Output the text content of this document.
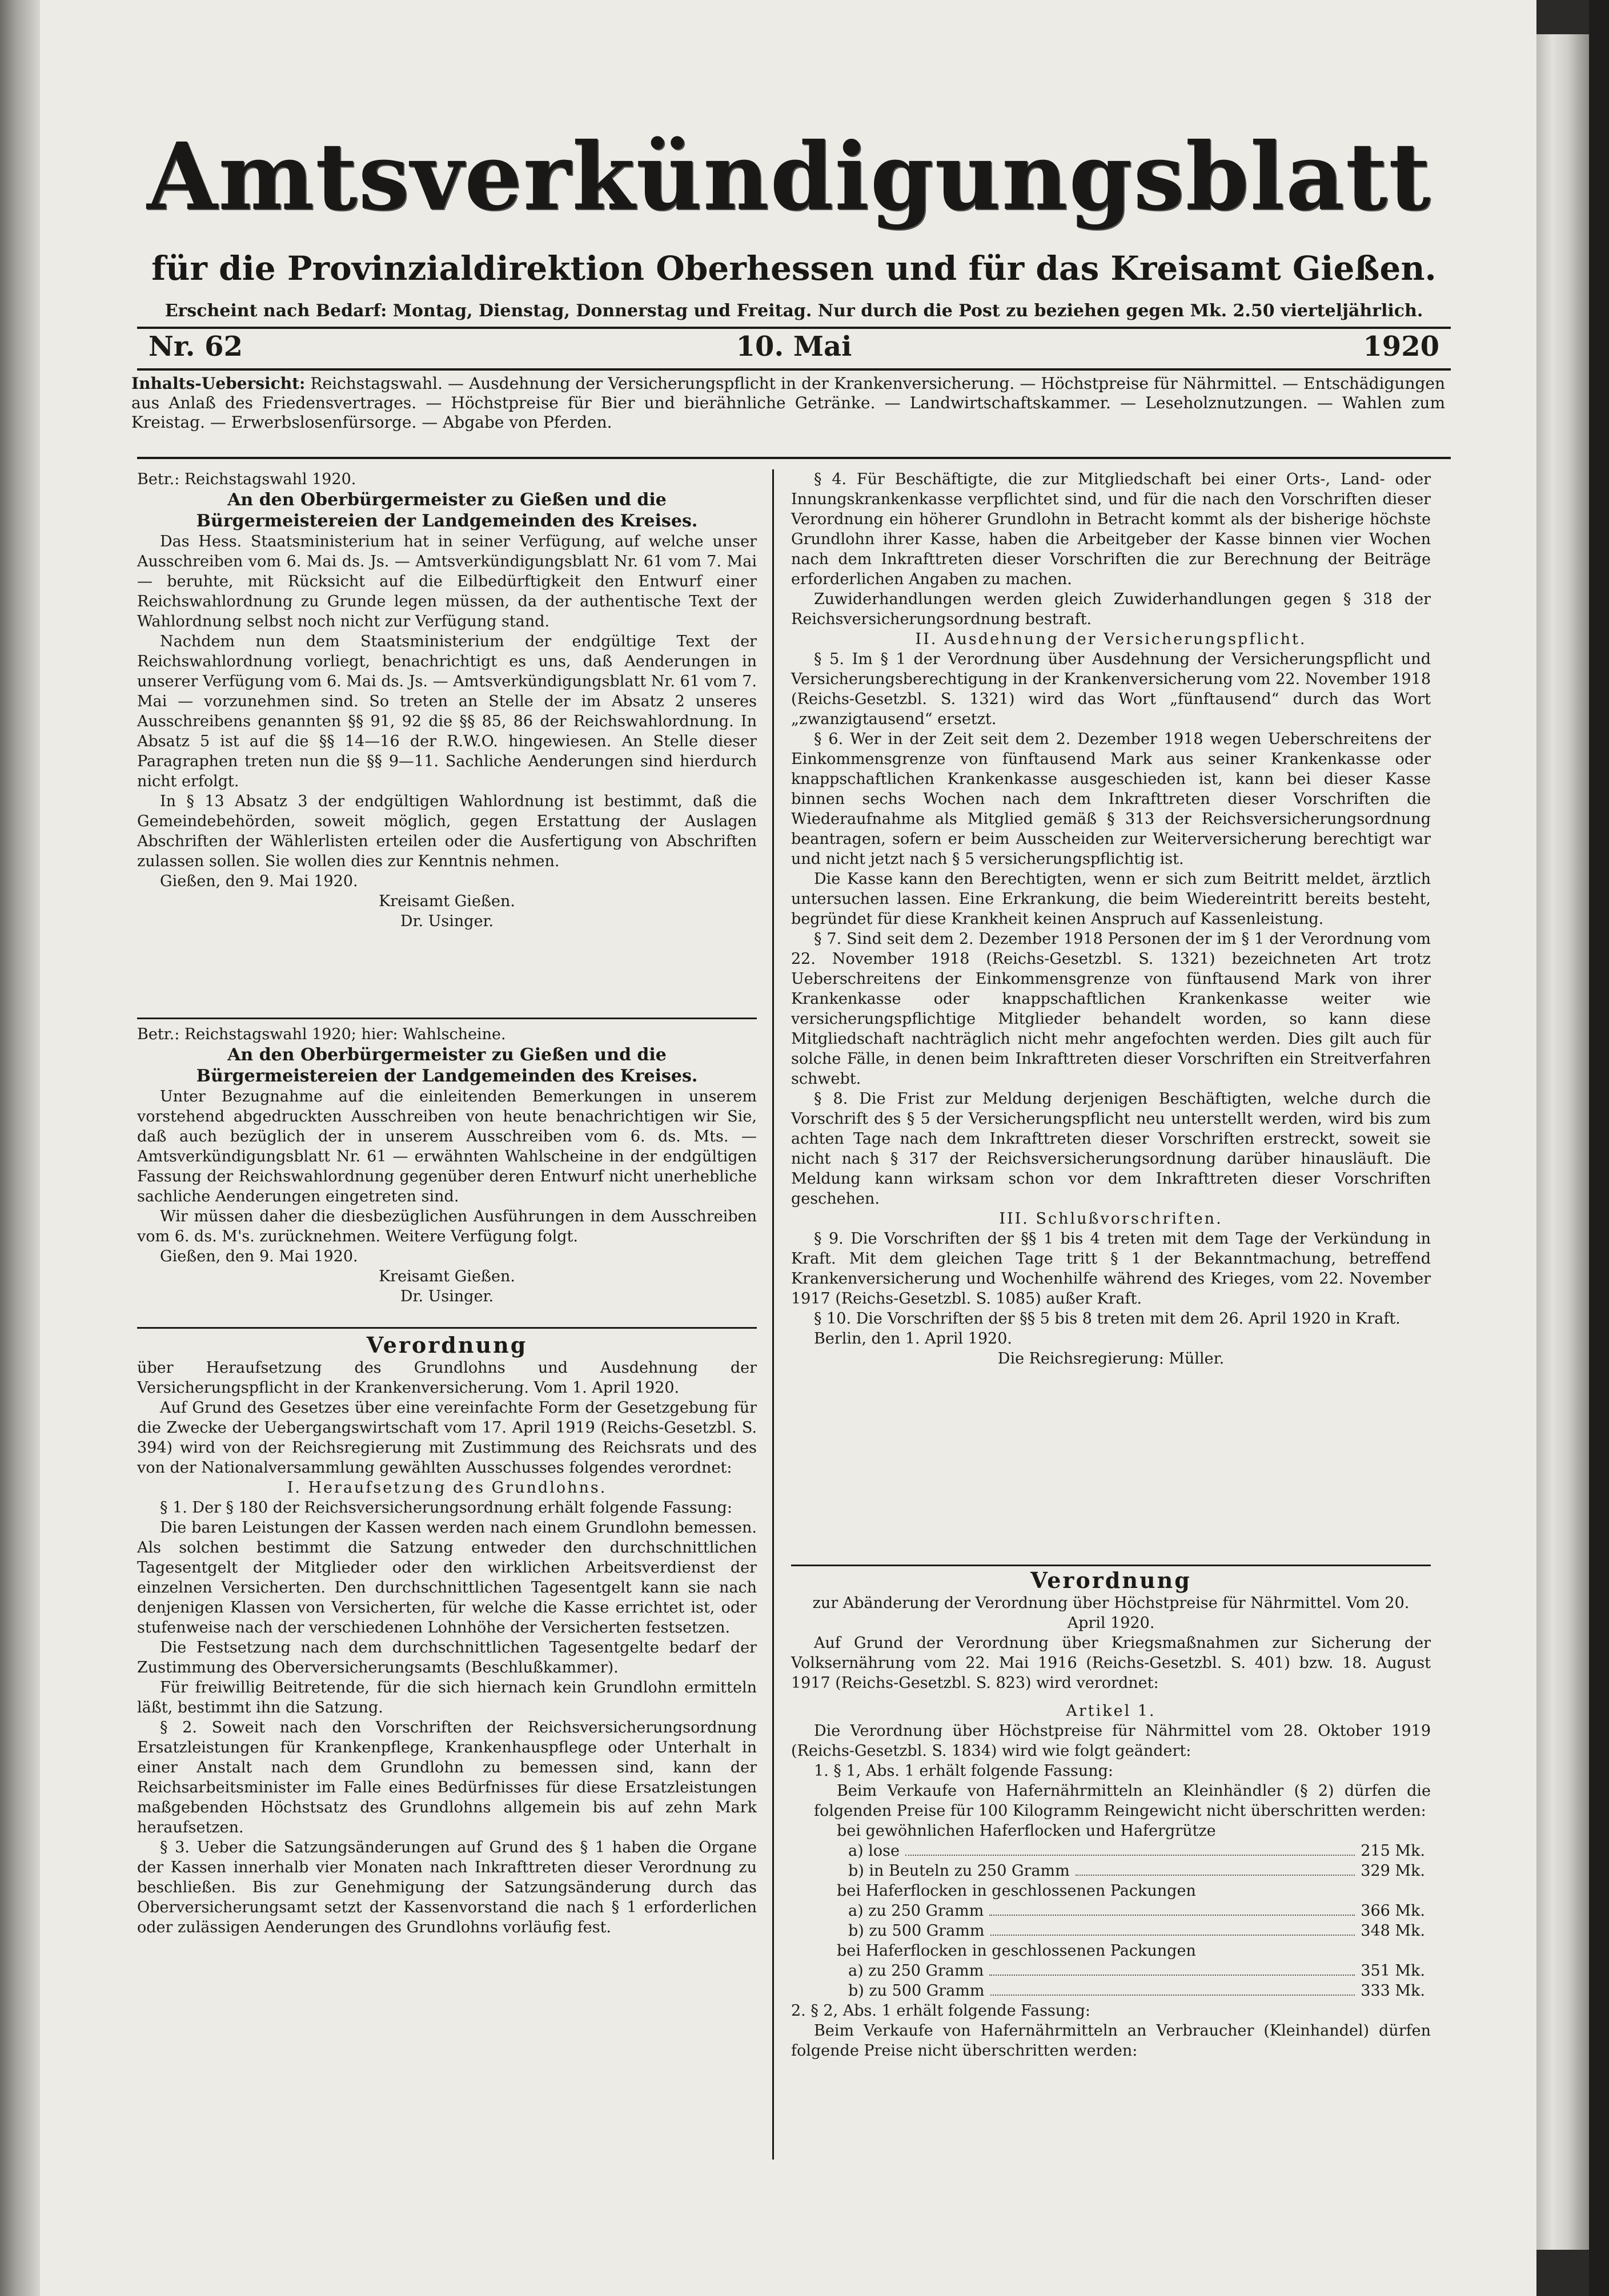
Amtsverkündigungsblatt
für die Provinzialdirektion Oberhessen und für das Kreisamt Gießen.
Erscheint nach Bedarf: Montag, Dienstag, Donnerstag und Freitag. Nur durch die Post zu beziehen gegen Mk. 2.50 vierteljährlich.
Nr. 62	10. Mai	1920
Inhalts-Uebersicht: Reichstagswahl. — Ausdehnung der Versicherungspflicht in der Krankenversicherung. — Höchstpreise für Nährmittel. — Entschädigungen aus Anlaß des Friedensvertrages. — Höchstpreise für Bier und bierähnliche Getränke. — Landwirtschaftskammer. — Leseholznutzungen. — Wahlen zum Kreistag. — Erwerbslosenfürsorge. — Abgabe von Pferden.

Betr.: Reichstagswahl 1920.

An den Oberbürgermeister zu Gießen und die Bürgermeistereien der Landgemeinden des Kreises.

Das Hess. Staatsministerium hat in seiner Verfügung, auf welche unser Ausschreiben vom 6. Mai ds. Js. — Amtsverkündigungsblatt Nr. 61 vom 7. Mai — beruhte, mit Rücksicht auf die Eilbedürftigkeit den Entwurf einer Reichswahlordnung zu Grunde legen müssen, da der authentische Text der Wahlordnung selbst noch nicht zur Verfügung stand.

Nachdem nun dem Staatsministerium der endgültige Text der Reichswahlordnung vorliegt, benachrichtigt es uns, daß Aenderungen in unserer Verfügung vom 6. Mai ds. Js. — Amtsverkündigungsblatt Nr. 61 vom 7. Mai — vorzunehmen sind. So treten an Stelle der im Absatz 2 unseres Ausschreibens genannten §§ 91, 92 die §§ 85, 86 der Reichswahlordnung. In Absatz 5 ist auf die §§ 14—16 der R.W.O. hingewiesen. An Stelle dieser Paragraphen treten nun die §§ 9—11. Sachliche Aenderungen sind hierdurch nicht erfolgt.

In § 13 Absatz 3 der endgültigen Wahlordnung ist bestimmt, daß die Gemeindebehörden, soweit möglich, gegen Erstattung der Auslagen Abschriften der Wählerlisten erteilen oder die Ausfertigung von Abschriften zulassen sollen. Sie wollen dies zur Kenntnis nehmen.

Gießen, den 9. Mai 1920.

Kreisamt Gießen.

Dr. Usinger.

Betr.: Reichstagswahl 1920; hier: Wahlscheine.

An den Oberbürgermeister zu Gießen und die Bürgermeistereien der Landgemeinden des Kreises.

Unter Bezugnahme auf die einleitenden Bemerkungen in unserem vorstehend abgedruckten Ausschreiben von heute benachrichtigen wir Sie, daß auch bezüglich der in unserem Ausschreiben vom 6. ds. Mts. — Amtsverkündigungsblatt Nr. 61 — erwähnten Wahlscheine in der endgültigen Fassung der Reichswahlordnung gegenüber deren Entwurf nicht unerhebliche sachliche Aenderungen eingetreten sind.

Wir müssen daher die diesbezüglichen Ausführungen in dem Ausschreiben vom 6. ds. M's. zurücknehmen. Weitere Verfügung folgt.

Gießen, den 9. Mai 1920.

Kreisamt Gießen.

Dr. Usinger.

Verordnung

über Heraufsetzung des Grundlohns und Ausdehnung der Versicherungspflicht in der Krankenversicherung. Vom 1. April 1920.

Auf Grund des Gesetzes über eine vereinfachte Form der Gesetzgebung für die Zwecke der Uebergangswirtschaft vom 17. April 1919 (Reichs-Gesetzbl. S. 394) wird von der Reichsregierung mit Zustimmung des Reichsrats und des von der Nationalversammlung gewählten Ausschusses folgendes verordnet:

I. Heraufsetzung des Grundlohns.

§ 1. Der § 180 der Reichsversicherungsordnung erhält folgende Fassung:

Die baren Leistungen der Kassen werden nach einem Grundlohn bemessen. Als solchen bestimmt die Satzung entweder den durchschnittlichen Tagesentgelt der Mitglieder oder den wirklichen Arbeitsverdienst der einzelnen Versicherten. Den durchschnittlichen Tagesentgelt kann sie nach denjenigen Klassen von Versicherten, für welche die Kasse errichtet ist, oder stufenweise nach der verschiedenen Lohnhöhe der Versicherten festsetzen.

Die Festsetzung nach dem durchschnittlichen Tagesentgelte bedarf der Zustimmung des Oberversicherungsamts (Beschlußkammer).

Für freiwillig Beitretende, für die sich hiernach kein Grundlohn ermitteln läßt, bestimmt ihn die Satzung.

§ 2. Soweit nach den Vorschriften der Reichsversicherungsordnung Ersatzleistungen für Krankenpflege, Krankenhauspflege oder Unterhalt in einer Anstalt nach dem Grundlohn zu bemessen sind, kann der Reichsarbeitsminister im Falle eines Bedürfnisses für diese Ersatzleistungen maßgebenden Höchstsatz des Grundlohns allgemein bis auf zehn Mark heraufsetzen.

§ 3. Ueber die Satzungsänderungen auf Grund des § 1 haben die Organe der Kassen innerhalb vier Monaten nach Inkrafttreten dieser Verordnung zu beschließen. Bis zur Genehmigung der Satzungsänderung durch das Oberversicherungsamt setzt der Kassenvorstand die nach § 1 erforderlichen oder zulässigen Aenderungen des Grundlohns vorläufig fest.

§ 4. Für Beschäftigte, die zur Mitgliedschaft bei einer Orts-, Land- oder Innungskrankenkasse verpflichtet sind, und für die nach den Vorschriften dieser Verordnung ein höherer Grundlohn in Betracht kommt als der bisherige höchste Grundlohn ihrer Kasse, haben die Arbeitgeber der Kasse binnen vier Wochen nach dem Inkrafttreten dieser Vorschriften die zur Berechnung der Beiträge erforderlichen Angaben zu machen.

Zuwiderhandlungen werden gleich Zuwiderhandlungen gegen § 318 der Reichsversicherungsordnung bestraft.

II. Ausdehnung der Versicherungspflicht.

§ 5. Im § 1 der Verordnung über Ausdehnung der Versicherungspflicht und Versicherungsberechtigung in der Krankenversicherung vom 22. November 1918 (Reichs-Gesetzbl. S. 1321) wird das Wort „fünftausend“ durch das Wort „zwanzigtausend“ ersetzt.

§ 6. Wer in der Zeit seit dem 2. Dezember 1918 wegen Ueberschreitens der Einkommensgrenze von fünftausend Mark aus seiner Krankenkasse oder knappschaftlichen Krankenkasse ausgeschieden ist, kann bei dieser Kasse binnen sechs Wochen nach dem Inkrafttreten dieser Vorschriften die Wiederaufnahme als Mitglied gemäß § 313 der Reichsversicherungsordnung beantragen, sofern er beim Ausscheiden zur Weiterversicherung berechtigt war und nicht jetzt nach § 5 versicherungspflichtig ist.

Die Kasse kann den Berechtigten, wenn er sich zum Beitritt meldet, ärztlich untersuchen lassen. Eine Erkrankung, die beim Wiedereintritt bereits besteht, begründet für diese Krankheit keinen Anspruch auf Kassenleistung.

§ 7. Sind seit dem 2. Dezember 1918 Personen der im § 1 der Verordnung vom 22. November 1918 (Reichs-Gesetzbl. S. 1321) bezeichneten Art trotz Ueberschreitens der Einkommensgrenze von fünftausend Mark von ihrer Krankenkasse oder knappschaftlichen Krankenkasse weiter wie versicherungspflichtige Mitglieder behandelt worden, so kann diese Mitgliedschaft nachträglich nicht mehr angefochten werden. Dies gilt auch für solche Fälle, in denen beim Inkrafttreten dieser Vorschriften ein Streitverfahren schwebt.

§ 8. Die Frist zur Meldung derjenigen Beschäftigten, welche durch die Vorschrift des § 5 der Versicherungspflicht neu unterstellt werden, wird bis zum achten Tage nach dem Inkrafttreten dieser Vorschriften erstreckt, soweit sie nicht nach § 317 der Reichsversicherungsordnung darüber hinausläuft. Die Meldung kann wirksam schon vor dem Inkrafttreten dieser Vorschriften geschehen.

III. Schlußvorschriften.

§ 9. Die Vorschriften der §§ 1 bis 4 treten mit dem Tage der Verkündung in Kraft. Mit dem gleichen Tage tritt § 1 der Bekanntmachung, betreffend Krankenversicherung und Wochenhilfe während des Krieges, vom 22. November 1917 (Reichs-Gesetzbl. S. 1085) außer Kraft.

§ 10. Die Vorschriften der §§ 5 bis 8 treten mit dem 26. April 1920 in Kraft.

Berlin, den 1. April 1920.

Die Reichsregierung: Müller.

Verordnung

zur Abänderung der Verordnung über Höchstpreise für Nährmittel. Vom 20. April 1920.

Auf Grund der Verordnung über Kriegsmaßnahmen zur Sicherung der Volksernährung vom 22. Mai 1916 (Reichs-Gesetzbl. S. 401) bzw. 18. August 1917 (Reichs-Gesetzbl. S. 823) wird verordnet:

Artikel 1.

Die Verordnung über Höchstpreise für Nährmittel vom 28. Oktober 1919 (Reichs-Gesetzbl. S. 1834) wird wie folgt geändert:

1. § 1, Abs. 1 erhält folgende Fassung:

Beim Verkaufe von Hafernährmitteln an Kleinhändler (§ 2) dürfen die folgenden Preise für 100 Kilogramm Reingewicht nicht überschritten werden:

bei gewöhnlichen Haferflocken und Hafergrütze

a) lose	215 Mk.
b) in Beuteln zu 250 Gramm	329 Mk.

bei Haferflocken in geschlossenen Packungen

a) zu 250 Gramm	366 Mk.
b) zu 500 Gramm	348 Mk.

bei Haferflocken in geschlossenen Packungen

a) zu 250 Gramm	351 Mk.
b) zu 500 Gramm	333 Mk.

2. § 2, Abs. 1 erhält folgende Fassung:

Beim Verkaufe von Hafernährmitteln an Verbraucher (Kleinhandel) dürfen folgende Preise nicht überschritten werden:
